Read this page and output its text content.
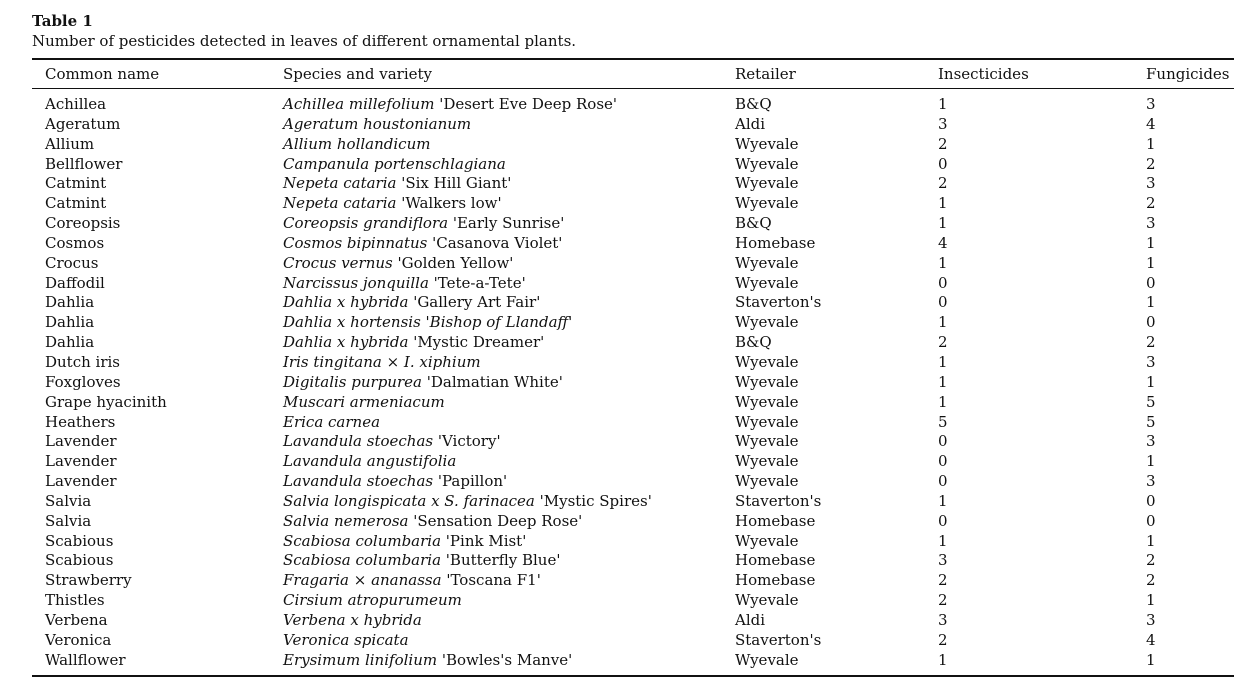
Table 1
Number of pesticides detected in leaves of different ornamental plants.
Common name	Species and variety	Retailer	Insecticides	Fungicides
Achillea	Achillea millefolium 'Desert Eve Deep Rose'	B&Q	1	3
Ageratum	Ageratum houstonianum	Aldi	3	4
Allium	Allium hollandicum	Wyevale	2	1
Bellflower	Campanula portenschlagiana	Wyevale	0	2
Catmint	Nepeta cataria 'Six Hill Giant'	Wyevale	2	3
Catmint	Nepeta cataria 'Walkers low'	Wyevale	1	2
Coreopsis	Coreopsis grandiflora 'Early Sunrise'	B&Q	1	3
Cosmos	Cosmos bipinnatus 'Casanova Violet'	Homebase	4	1
Crocus	Crocus vernus 'Golden Yellow'	Wyevale	1	1
Daffodil	Narcissus jonquilla 'Tete-a-Tete'	Wyevale	0	0
Dahlia	Dahlia x hybrida 'Gallery Art Fair'	Staverton's	0	1
Dahlia	Dahlia x hortensis 'Bishop of Llandaff'	Wyevale	1	0
Dahlia	Dahlia x hybrida 'Mystic Dreamer'	B&Q	2	2
Dutch iris	Iris tingitana × I. xiphium	Wyevale	1	3
Foxgloves	Digitalis purpurea 'Dalmatian White'	Wyevale	1	1
Grape hyacinith	Muscari armeniacum	Wyevale	1	5
Heathers	Erica carnea	Wyevale	5	5
Lavender	Lavandula stoechas 'Victory'	Wyevale	0	3
Lavender	Lavandula angustifolia	Wyevale	0	1
Lavender	Lavandula stoechas 'Papillon'	Wyevale	0	3
Salvia	Salvia longispicata x S. farinacea 'Mystic Spires'	Staverton's	1	0
Salvia	Salvia nemerosa 'Sensation Deep Rose'	Homebase	0	0
Scabious	Scabiosa columbaria 'Pink Mist'	Wyevale	1	1
Scabious	Scabiosa columbaria 'Butterfly Blue'	Homebase	3	2
Strawberry	Fragaria × ananassa 'Toscana F1'	Homebase	2	2
Thistles	Cirsium atropurumeum	Wyevale	2	1
Verbena	Verbena x hybrida	Aldi	3	3
Veronica	Veronica spicata	Staverton's	2	4
Wallflower	Erysimum linifolium 'Bowles's Manve'	Wyevale	1	1
